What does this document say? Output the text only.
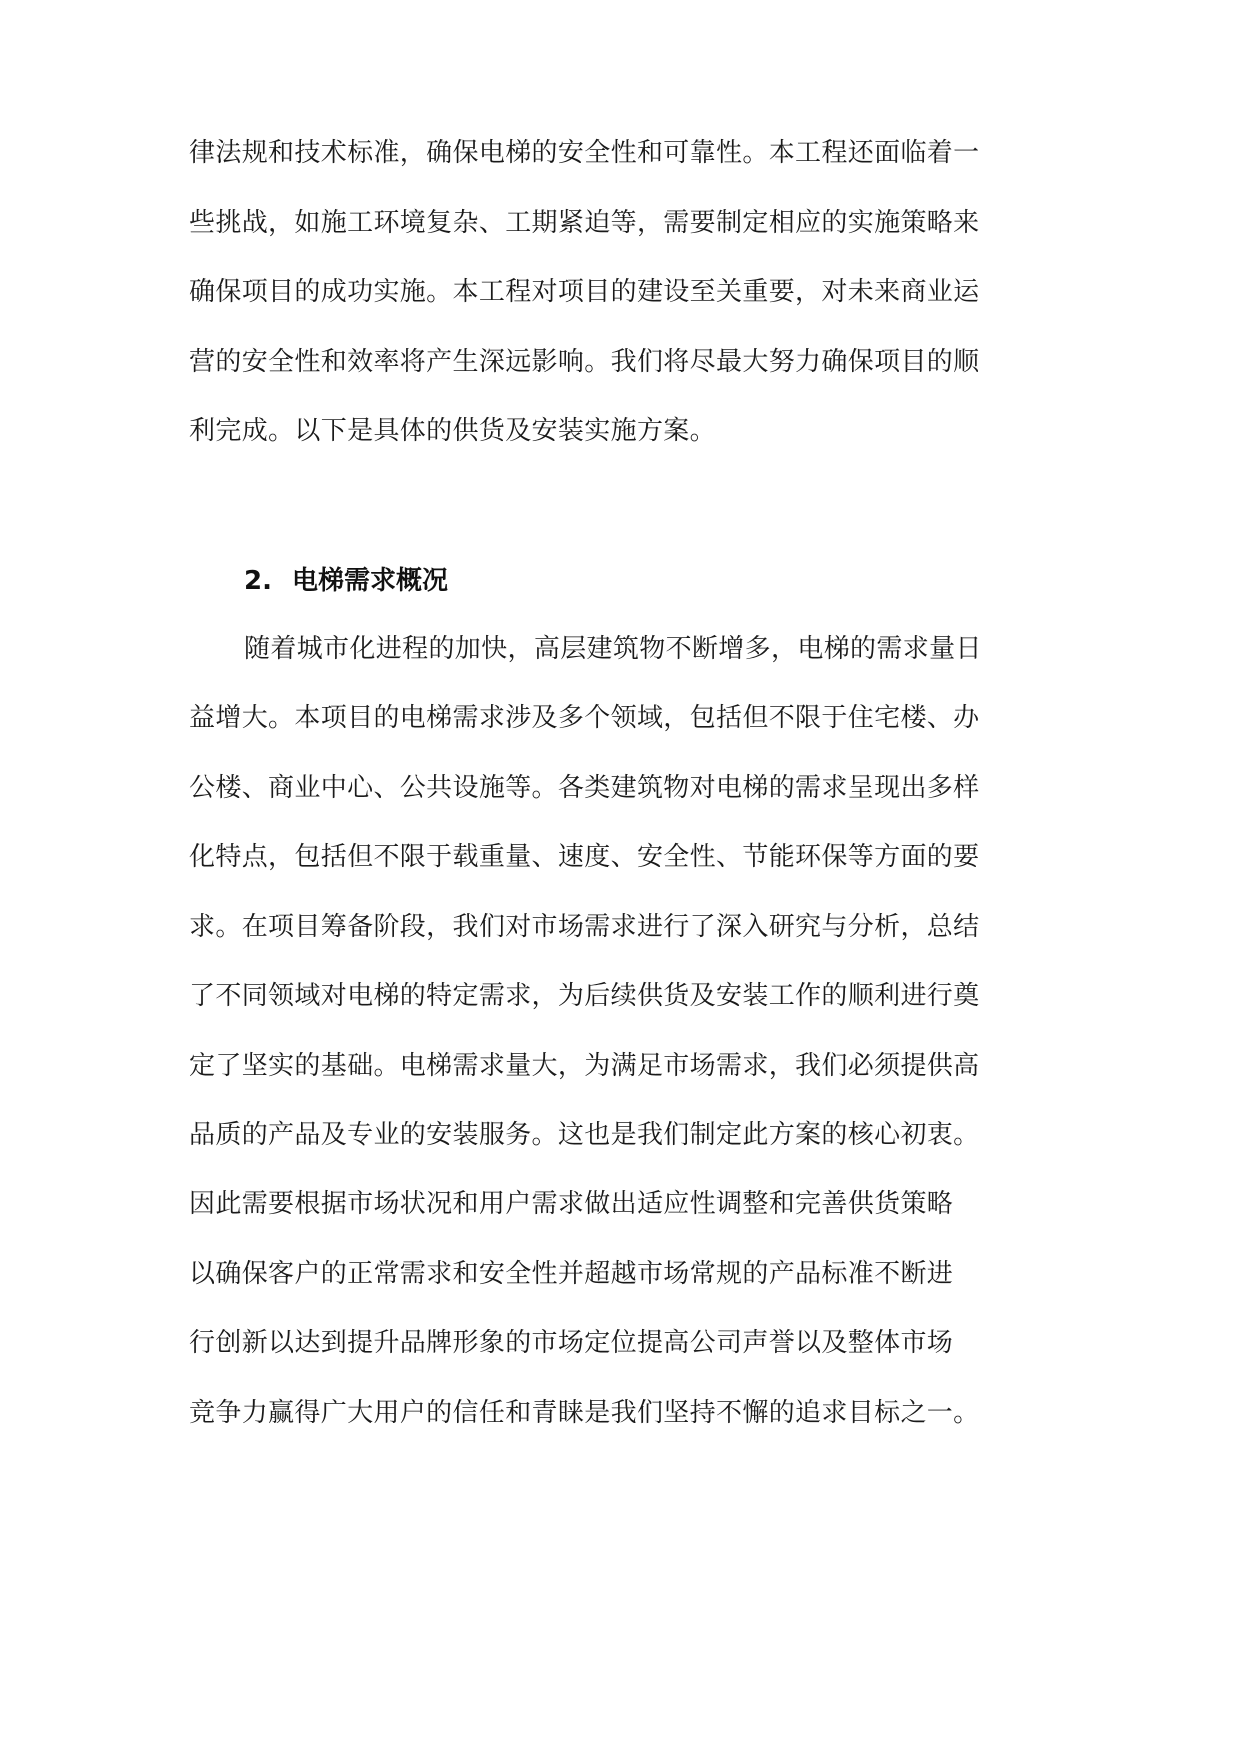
律法规和技术标准，确保电梯的安全性和可靠性。本工程还面临着一
些挑战，如施工环境复杂、工期紧迫等，需要制定相应的实施策略来
确保项目的成功实施。本工程对项目的建设至关重要，对未来商业运
营的安全性和效率将产生深远影响。我们将尽最大努力确保项目的顺
利完成。以下是具体的供货及安装实施方案。
2. 电梯需求概况
随着城市化进程的加快，高层建筑物不断增多，电梯的需求量日
益增大。本项目的电梯需求涉及多个领域，包括但不限于住宅楼、办
公楼、商业中心、公共设施等。各类建筑物对电梯的需求呈现出多样
化特点，包括但不限于载重量、速度、安全性、节能环保等方面的要
求。在项目筹备阶段，我们对市场需求进行了深入研究与分析，总结
了不同领域对电梯的特定需求，为后续供货及安装工作的顺利进行奠
定了坚实的基础。电梯需求量大，为满足市场需求，我们必须提供高
品质的产品及专业的安装服务。这也是我们制定此方案的核心初衷。
因此需要根据市场状况和用户需求做出适应性调整和完善供货策略
以确保客户的正常需求和安全性并超越市场常规的产品标准不断进
行创新以达到提升品牌形象的市场定位提高公司声誉以及整体市场
竞争力赢得广大用户的信任和青睐是我们坚持不懈的追求目标之一。
